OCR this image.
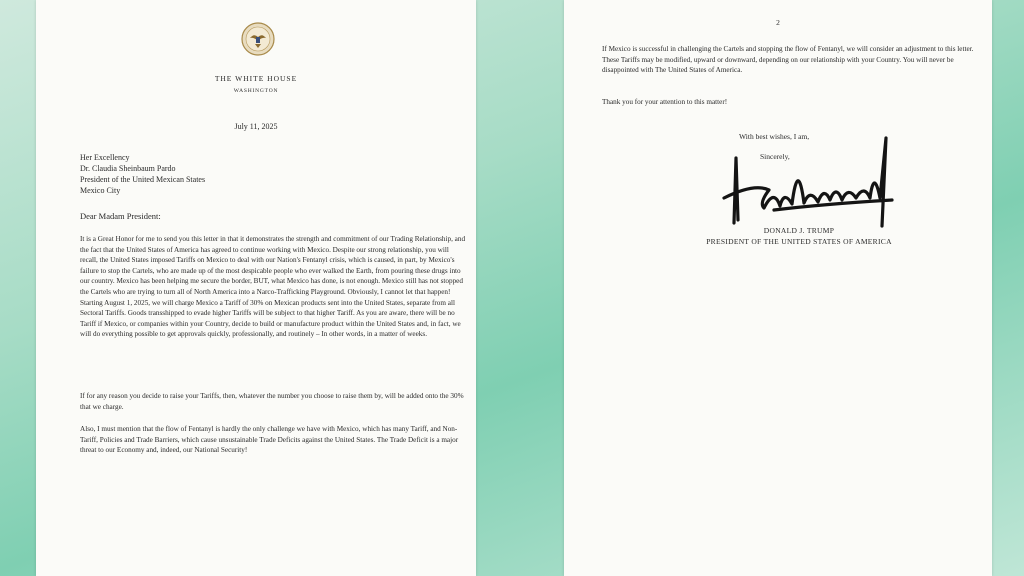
THE WHITE HOUSE
WASHINGTON
July 11, 2025
Her Excellency
Dr. Claudia Sheinbaum Pardo
President of the United Mexican States
Mexico City
Dear Madam President:
It is a Great Honor for me to send you this letter in that it demonstrates the strength and commitment of our Trading Relationship, and the fact that the United States of America has agreed to continue working with Mexico. Despite our strong relationship, you will recall, the United States imposed Tariffs on Mexico to deal with our Nation's Fentanyl crisis, which is caused, in part, by Mexico's failure to stop the Cartels, who are made up of the most despicable people who ever walked the Earth, from pouring these drugs into our country. Mexico has been helping me secure the border, BUT, what Mexico has done, is not enough. Mexico still has not stopped the Cartels who are trying to turn all of North America into a Narco-Trafficking Playground. Obviously, I cannot let that happen! Starting August 1, 2025, we will charge Mexico a Tariff of 30% on Mexican products sent into the United States, separate from all Sectoral Tariffs. Goods transshipped to evade higher Tariffs will be subject to that higher Tariff. As you are aware, there will be no Tariff if Mexico, or companies within your Country, decide to build or manufacture product within the United States and, in fact, we will do everything possible to get approvals quickly, professionally, and routinely – In other words, in a matter of weeks.
If for any reason you decide to raise your Tariffs, then, whatever the number you choose to raise them by, will be added onto the 30% that we charge.
Also, I must mention that the flow of Fentanyl is hardly the only challenge we have with Mexico, which has many Tariff, and Non-Tariff, Policies and Trade Barriers, which cause unsustainable Trade Deficits against the United States. The Trade Deficit is a major threat to our Economy and, indeed, our National Security!
2
If Mexico is successful in challenging the Cartels and stopping the flow of Fentanyl, we will consider an adjustment to this letter. These Tariffs may be modified, upward or downward, depending on our relationship with your Country. You will never be disappointed with The United States of America.
Thank you for your attention to this matter!
With best wishes, I am,
Sincerely,
DONALD J. TRUMP
PRESIDENT OF THE UNITED STATES OF AMERICA
